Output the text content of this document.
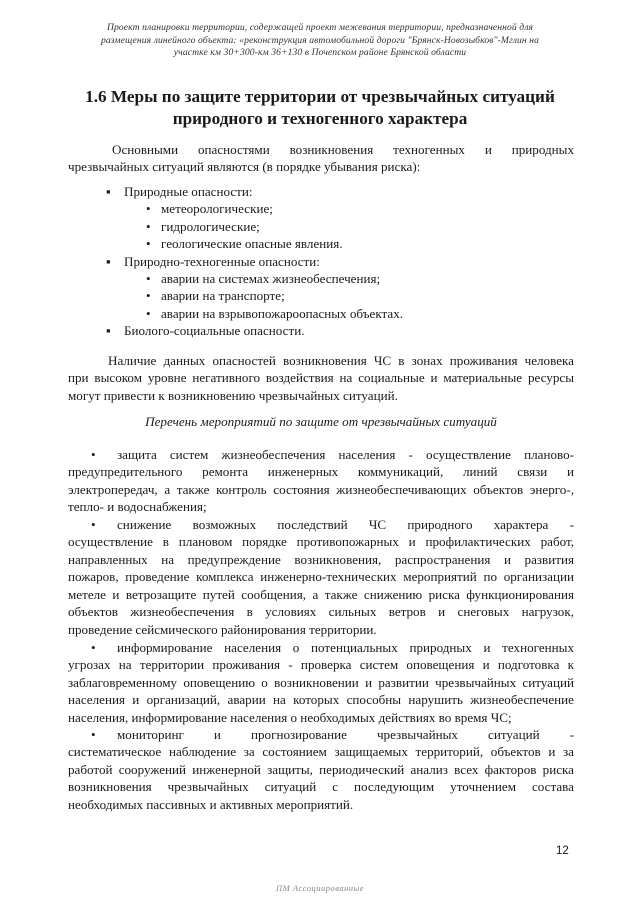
Проект планировки территории, содержащей проект межевания территории, предназначенной для
размещения линейного объекта: «реконструкция автомобильной дороги "Брянск-Новозыбков"-Мглин на
участке км 30+300-км 36+130 в Почепском районе Брянской области
1.6 Меры по защите территории от чрезвычайных ситуаций
природного и техногенного характера
Основными опасностями возникновения техногенных и природных
чрезвычайных ситуаций являются (в порядке убывания риска):
▪ Природные опасности:
• метеорологические;
• гидрологические;
• геологические опасные явления.
▪ Природно-техногенные опасности:
• аварии на системах жизнеобеспечения;
• аварии на транспорте;
• аварии на взрывопожароопасных объектах.
▪ Биолого-социальные опасности.
Наличие данных опасностей возникновения ЧС в зонах проживания человека
при высоком уровне негативного воздействия на социальные и материальные ресурсы
могут привести к возникновению чрезвычайных ситуаций.
Перечень мероприятий по защите от чрезвычайных ситуаций
• защита систем жизнеобеспечения населения - осуществление планово-
предупредительного ремонта инженерных коммуникаций, линий связи и
электропередач, а также контроль состояния жизнеобеспечивающих объектов энерго-,
тепло- и водоснабжения;
• снижение возможных последствий ЧС природного характера -
осуществление в плановом порядке противопожарных и профилактических работ,
направленных на предупреждение возникновения, распространения и развития
пожаров, проведение комплекса инженерно-технических мероприятий по организации
метеле и ветрозащите путей сообщения, а также снижению риска функционирования
объектов жизнеобеспечения в условиях сильных ветров и снеговых нагрузок,
проведение сейсмического районирования территории.
• информирование населения о потенциальных природных и техногенных
угрозах на территории проживания - проверка систем оповещения и подготовка к
заблаговременному оповещению о возникновении и развитии чрезвычайных ситуаций
населения и организаций, аварии на которых способны нарушить жизнеобеспечение
населения, информирование населения о необходимых действиях во время ЧС;
• мониторинг и прогнозирование чрезвычайных ситуаций -
систематическое наблюдение за состоянием защищаемых территорий, объектов и за
работой сооружений инженерной защиты, периодический анализ всех факторов риска
возникновения чрезвычайных ситуаций с последующим уточнением состава
необходимых пассивных и активных мероприятий.
12
ПМ Ассоциированные
